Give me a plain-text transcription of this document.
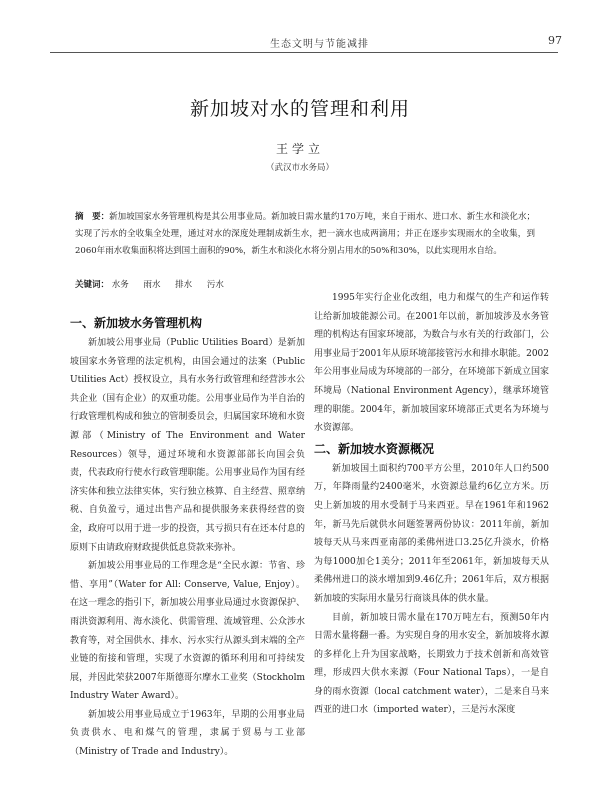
生态文明与节能减排	97
新加坡对水的管理和利用
王学立
（武汉市水务局）
摘　要：新加坡国家水务管理机构是其公用事业局。新加坡日需水量约170万吨，来自于雨水、进口水、新生水和淡化水；实现了污水的全收集全处理，通过对水的深度处理制成新生水，把一滴水也成两滴用；并正在逐步实现雨水的全收集，到2060年雨水收集面积将达到国土面积的90%，新生水和淡化水将分别占用水的50%和30%，以此实现用水自给。
关键词： 水务 雨水 排水 污水

一、新加坡水务管理机构

新加坡公用事业局（Public Utilities Board）是新加坡国家水务管理的法定机构，由国会通过的法案（Public Utilities Act）授权设立，具有水务行政管理和经营涉水公共企业（国有企业）的双重功能。公用事业局作为半自治的行政管理机构成和独立的管制委员会，归属国家环境和水资源部（Ministry of The Environment and Water Resources）领导，通过环境和水资源部部长向国会负责，代表政府行使水行政管理职能。公用事业局作为国有经济实体和独立法律实体，实行独立核算、自主经营、照章纳税、自负盈亏，通过出售产品和提供服务来获得经营的资金，政府可以用于进一步的投资，其亏损只有在还本付息的原则下由请政府财政提供低息贷款来弥补。

新加坡公用事业局的工作理念是“全民水源：节省、珍惜、享用”（Water for All: Conserve, Value, Enjoy）。在这一理念的指引下，新加坡公用事业局通过水资源保护、雨洪资源利用、海水淡化、供需管理、流域管理、公众涉水教育等，对全国供水、排水、污水实行从源头到末端的全产业链的衔接和管理，实现了水资源的循环利用和可持续发展，并因此荣获2007年斯德哥尔摩水工业奖（Stockholm Industry Water Award）。

新加坡公用事业局成立于1963年，早期的公用事业局负责供水、电和煤气的管理，隶属于贸易与工业部（Ministry of Trade and Industry）。

1995年实行企业化改组，电力和煤气的生产和运作转让给新加坡能源公司。在2001年以前，新加坡涉及水务管理的机构达有国家环境部，为数合与水有关的行政部门，公用事业局于2001年从原环境部接管污水和排水职能。2002年公用事业局成为环境部的一部分，在环境部下新成立国家环境局（National Environment Agency），继承环境管理的职能。2004年，新加坡国家环境部正式更名为环境与水资源部。

二、新加坡水资源概况

新加坡国土面积约700平方公里，2010年人口约500万，年降雨量约2400毫米，水资源总量约6亿立方米。历史上新加坡的用水受制于马来西亚。早在1961年和1962年，新马先后就供水问题签署两份协议：2011年前，新加坡每天从马来西亚南部的柔佛州进口3.25亿升淡水，价格为每1000加仑1美分；2011年至2061年，新加坡每天从柔佛州进口的淡水增加到9.46亿升；2061年后，双方根据新加坡的实际用水量另行商谈具体的供水量。

目前，新加坡日需水量在170万吨左右，预测50年内日需水量将翻一番。为实现自身的用水安全，新加坡将水源的多样化上升为国家战略，长期致力于技术创新和高效管理，形成四大供水来源（Four National Taps），一是自身的雨水资源（local catchment water），二是来自马来西亚的进口水（imported water），三是污水深度
